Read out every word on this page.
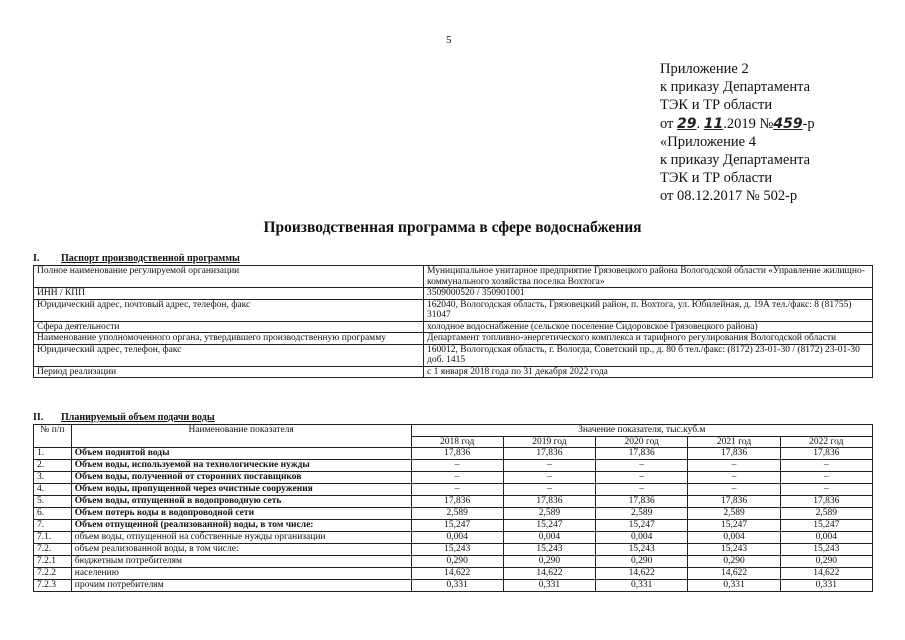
5
Приложение 2
к приказу Департамента
ТЭК и ТР области
от 29. 11.2019 №459-р
«Приложение 4
к приказу Департамента
ТЭК и ТР области
от 08.12.2017 № 502-р
Производственная программа в сфере водоснабжения
I. Паспорт производственной программы
Полное наименование регулируемой организации	Муниципальное унитарное предприятие Грязовецкого района Вологодской области «Управление жилищно-коммунального хозяйства поселка Вохтога»
ИНН / КПП	3509000520 / 350901001
Юридический адрес, почтовый адрес, телефон, факс	162040, Вологодская область, Грязовецкий район, п. Вохтога, ул. Юбилейная, д. 19А тел./факс: 8 (81755) 31047
Сфера деятельности	холодное водоснабжение (сельское поселение Сидоровское Грязовецкого района)
Наименование уполномоченного органа, утвердившего производственную программу	Департамент топливно-энергетического комплекса и тарифного регулирования Вологодской области
Юридический адрес, телефон, факс	160012, Вологодская область, г. Вологда, Советский пр., д. 80 б тел./факс: (8172) 23-01-30 / (8172) 23-01-30 доб. 1415
Период реализации	с 1 января 2018 года по 31 декабря 2022 года
II. Планируемый объем подачи воды
№ п/п	Наименование показателя	Значение показателя, тыс.куб.м				
		2018 год	2019 год	2020 год	2021 год	2022 год
1.	Объем поднятой воды	17,836	17,836	17,836	17,836	17,836
2.	Объем воды, используемой на технологические нужды	–	–	–	–	–
3.	Объем воды, полученной от сторонних поставщиков	–	–	–	–	–
4.	Объем воды, пропущенной через очистные сооружения	–	–	–	–	–
5.	Объем воды, отпущенной в водопроводную сеть	17,836	17,836	17,836	17,836	17,836
6.	Объем потерь воды в водопроводной сети	2,589	2,589	2,589	2,589	2,589
7.	Объем отпущенной (реализованной) воды, в том числе:	15,247	15,247	15,247	15,247	15,247
7.1.	объем воды, отпущенной на собственные нужды организации	0,004	0,004	0,004	0,004	0,004
7.2.	объем реализованной воды, в том числе:	15,243	15,243	15,243	15,243	15,243
7.2.1	бюджетным потребителям	0,290	0,290	0,290	0,290	0,290
7.2.2	населению	14,622	14,622	14,622	14,622	14,622
7.2.3	прочим потребителям	0,331	0,331	0,331	0,331	0,331
